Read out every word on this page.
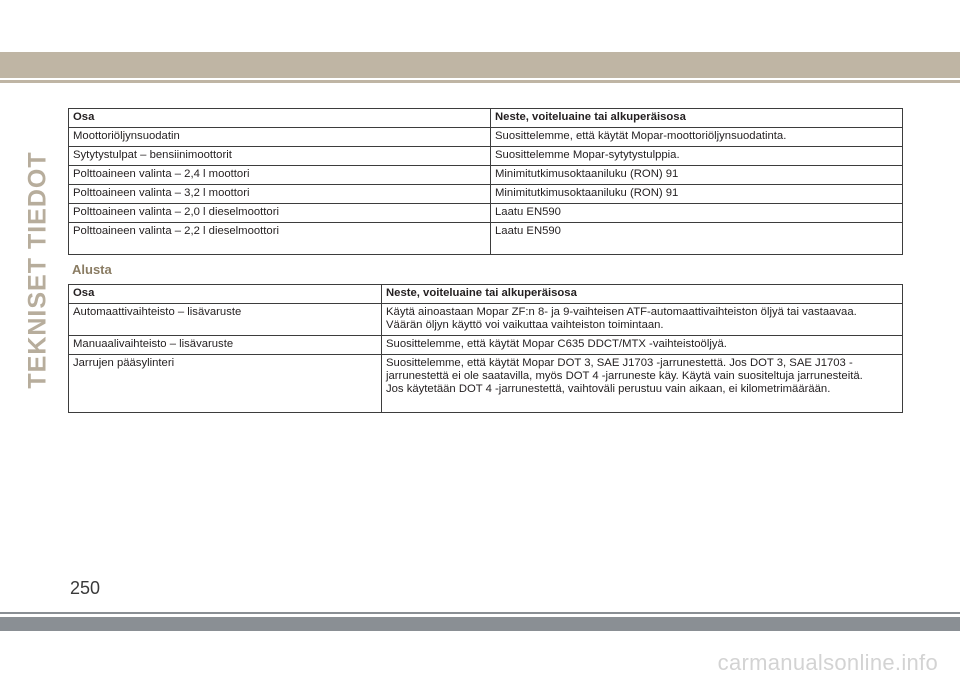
TEKNISET TIEDOT
Osa	Neste, voiteluaine tai alkuperäisosa
Moottoriöljynsuodatin	Suosittelemme, että käytät Mopar-moottoriöljynsuodatinta.
Sytytystulpat – bensiinimoottorit	Suosittelemme Mopar-sytytystulppia.
Polttoaineen valinta – 2,4 l moottori	Minimitutkimusoktaaniluku (RON) 91
Polttoaineen valinta – 3,2 l moottori	Minimitutkimusoktaaniluku (RON) 91
Polttoaineen valinta – 2,0 l dieselmoottori	Laatu EN590
Polttoaineen valinta – 2,2 l dieselmoottori	Laatu EN590
Alusta
Osa	Neste, voiteluaine tai alkuperäisosa
Automaattivaihteisto – lisävaruste	Käytä ainoastaan Mopar ZF:n 8- ja 9-vaihteisen ATF-automaattivaihteiston öljyä tai vastaavaa.
Väärän öljyn käyttö voi vaikuttaa vaihteiston toimintaan.

Manuaalivaihteisto – lisävaruste	Suosittelemme, että käytät Mopar C635 DDCT/MTX -vaihteistoöljyä.

Jarrujen pääsylinteri	Suosittelemme, että käytät Mopar DOT 3, SAE J1703 -jarrunestettä. Jos DOT 3, SAE J1703 -jarrunestettä ei ole saatavilla, myös DOT 4 -jarruneste käy. Käytä vain suositeltuja jarrunesteitä.
Jos käytetään DOT 4 -jarrunestettä, vaihtoväli perustuu vain aikaan, ei kilometrimäärään.
250
carmanualsonline.info
